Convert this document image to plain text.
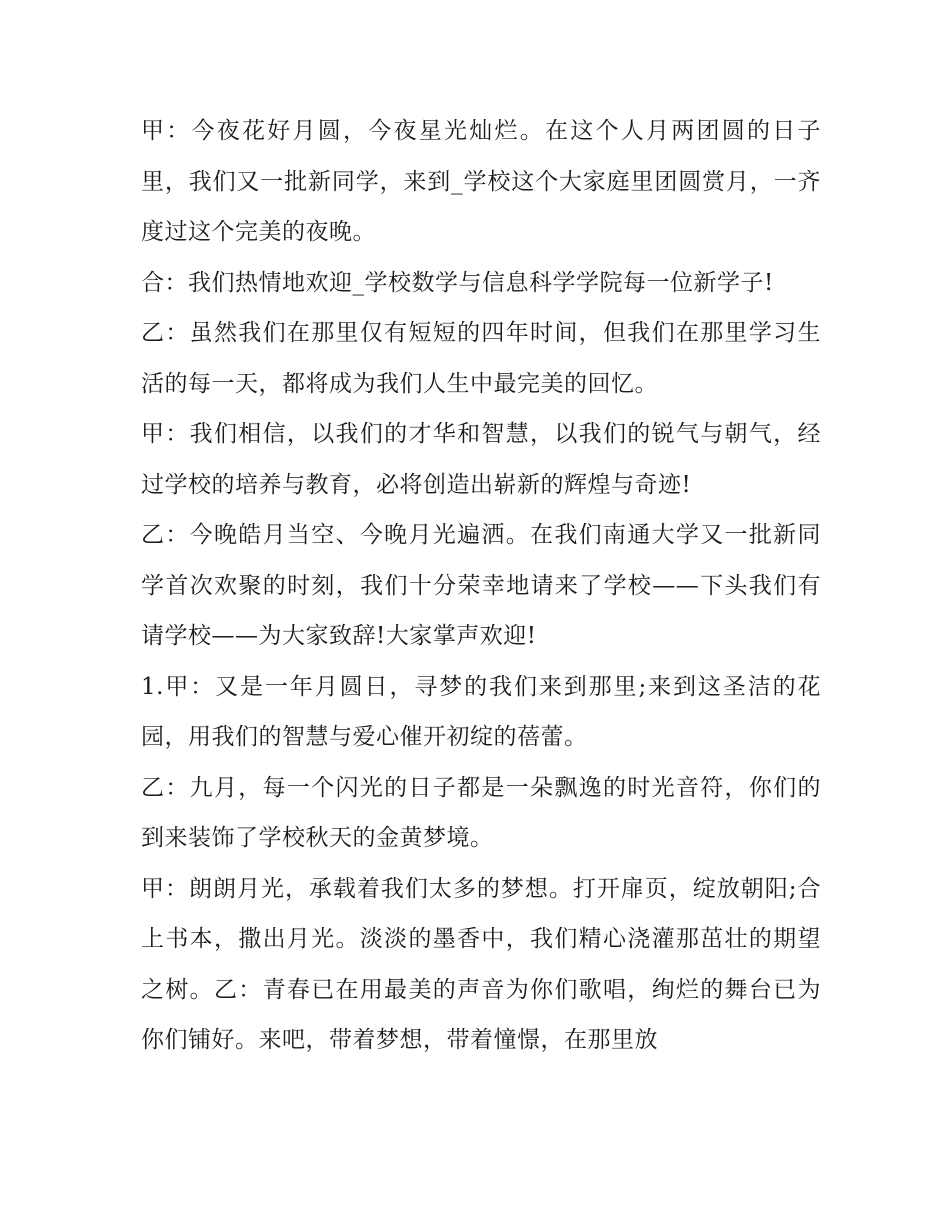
甲：今夜花好月圆，今夜星光灿烂。在这个人月两团圆的日子里，我们又一批新同学，来到_学校这个大家庭里团圆赏月，一齐度过这个完美的夜晚。

合：我们热情地欢迎_学校数学与信息科学学院每一位新学子!

乙：虽然我们在那里仅有短短的四年时间，但我们在那里学习生活的每一天，都将成为我们人生中最完美的回忆。

甲：我们相信，以我们的才华和智慧，以我们的锐气与朝气，经过学校的培养与教育，必将创造出崭新的辉煌与奇迹!

乙：今晚皓月当空、今晚月光遍洒。在我们南通大学又一批新同学首次欢聚的时刻，我们十分荣幸地请来了学校——下头我们有请学校——为大家致辞!大家掌声欢迎!

1.甲：又是一年月圆日，寻梦的我们来到那里;来到这圣洁的花园，用我们的智慧与爱心催开初绽的蓓蕾。

乙：九月，每一个闪光的日子都是一朵飘逸的时光音符，你们的到来装饰了学校秋天的金黄梦境。

甲：朗朗月光，承载着我们太多的梦想。打开扉页，绽放朝阳;合上书本，撒出月光。淡淡的墨香中，我们精心浇灌那茁壮的期望之树。乙：青春已在用最美的声音为你们歌唱，绚烂的舞台已为你们铺好。来吧，带着梦想，带着憧憬，在那里放
